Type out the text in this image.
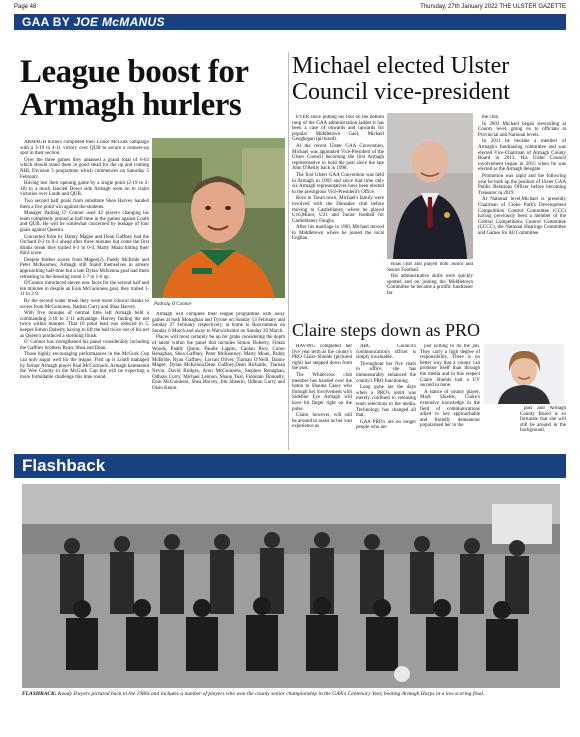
Page 48	Thursday, 27th January 2022 THE ULSTER GAZETTE
GAA BY JOE McMANUS
League boost for Armagh hurlers

ARMAGH hurlers completed their Conor McGurk campaign with a 3-19 to 4-11 victory over QUB to secure a runners-up spot in their section.

Over the three games they amassed a grand total of 6-63 which should stand them in good stead for the up and coming NHL Division 3 programme which commences on Saturday 5 February.

Having lost their opening game by a single point (2-19 to 2-18) to a much fancied Down side Armagh went on to claim victories over Louth and QUB.

Two second half goals from substitute Shea Harvey handed them a five point win against the students.

Manager Padraig O' Connor used 42 players changing his team completely around at half time in the games against Louth and QUB. He will be somewhat concerned by leakage of four goals against Queen's.

Converted from by Danny Magee and Dean Gaffney had the Orchard 0-2 to 0-1 ahead after three minutes but come the first drinks break they trailed 0-3 to 0-4, Marty Moan hitting their third score.

Despite further scores from Magee(2), Paddy McBride and Peter McKearney, Armagh still found themselves in arrears approaching half-time but a late Dylan McKenna goal had them retreating to the dressing room 1-7 to 1-6 up.

O'Connor introduced eleven new faces for the second half and ten minutes in despite an Eoin McGuinness goal, they trailed 1-11 to 2-9.

By the second water break they were more clinical thanks to scores from McGuinness, Nathan Curry and Shea Harvey.

With five minutes of normal time left Armagh held a commanding 3-18 to 2-11 advantage. Harvey finding the net twice within minutes. That 10 point lead was reduced to 5, keeper Simon Doherty having to lift the ball twice out of his net as Queen's produced a storming finish.

O' Connor has strengthened his panel considerably including the Gaffney brothers Ryan, Shea and Dean.

Those highly encouraging performances in the McGurk Cup can only augur well for the league. First up is Louth managed by former Armagh player Paul McCormack. Armagh hammered the Wee County in the McGurk Cup but will be expecting a more formidable challenge this time round.

Padraig O'Connor

Armagh will complete their league programme with away games at both Monaghan and Tyrone on Sunday 13 February and Sunday 27 February respectively, at home to Roscommon on Sunday 6 March and away to Warwickshire on Sunday 20 March.

Places will most certainly be up for grabs considering the depth of talent within the panel that includes Simon Doherty, Fintan Woods, Paddy Quinn, Paudie Lappin, Caolan Rice, Conor Renaghan, Shea Gaffney, Peter McKearney, Marty Moan, Paddy McBride, Ryan Gaffney, Lorcan Oliver, Tiarnan O'Neill, Danny Magee, Dylan McKenna,Dean Gaffney,Dean Richards, Tiarnan Nevin, David Bridges, Aron McGuinness, Stephen Renaghan, Odhran Curry, Michael Lennon, Shaun Toal, Fionntan Donnelly, Eoin McGuinness, Shea Harvey, Jim Sheerin, Odhran Curry and Oisin Kenin.

Michael elected Ulster Council vice-president

EVER since putting his foot on the bottom rung of the GAA administration ladder it has been a case of onwards and upwards for popular Middletown Gael, Michael Geoghegan (pictured).

At the recent Ulster GAA Convention, Michael was appointed Vice-President of the Ulster Council becoming the first Armagh representative to hold the post since the late John O'Reilly back in 1998.

The first Ulster GAA Convention was held in Armagh in 1903 and since that time only six Armagh representatives have been elected to the prestigious Vice-President's Office.

Born in Tavan town, Michael's family were involved with the Dunsalee club before moving to Castleblaney, where he played U16,Minor, U21 and Junior football for Castleblaney Faughs.

After his marriage in 1983 Michael moved to Middletown where he joined the local Eoghan

Ruas club and played both Junior and Senior Football.

His administrative skills were quickly spotted and on joining the Middletown Committee he became a prolific fundraiser for

the club.

In 2003 Michael began stewarding at County level, going on to officiate at Provincial and National levels.

In 2011 he became a member of Armagh's fundraising committee and was elected Vice-Chairman of Armagh County Board in 2013. His Ulster Council involvement began in 2015 when he was elected as the Armagh delegate.

Promotion was rapid and the following year he took up the position of Ulster GAA Public Relations Officer before becoming Treasurer in 2019.

At National level,Michael is presently Chairman of Croke Park's Development Compeitition Control Committee (CCC) having previously been a member of the Central Competitions Control Committee (CCCC), the National Hearings Committee and Games for All Committee.

Claire steps down as PRO

HAVING completed her five year term as the county's PRO Claire Shields (pictured right) has stepped down from the post.

The Whitecross club member has handed over the baton to Shauna Casey who through her involvement with Sideline Eye Armagh will have hit finger right on the pulse.

Claire, however, will still be around to assist as her vast experience as

ABC Council's communication's officer is simply invaluable.

Throughout her five years in office, she has immeasurably enhanced the county's PRO functioning.

Long gone are the days when a PRO's remit was merely confined to releasing team selections to the media. Technology has changed all that.

GAA PRO's are no longer people who are

just willing to do the job. They carry a high degree of responsibility. There is no better way that a county can promote itself than through the media and in this respect Claire Shields had a UV second to none.

A stance of county player, Mark Shields, Claire's extensive knowledge in the field of communications allied to her approachable and friendly demeanour popularised her in the

past and Armagh County Board is so fortunate that she will still be around in the background.

Flashback
FLASHBACK: Keady Dwyers pictured back in the 1980s and includes a number of players who won the county senior championship in the GAA's Centenary Year, beating Armagh Harps in a low scoring final.
